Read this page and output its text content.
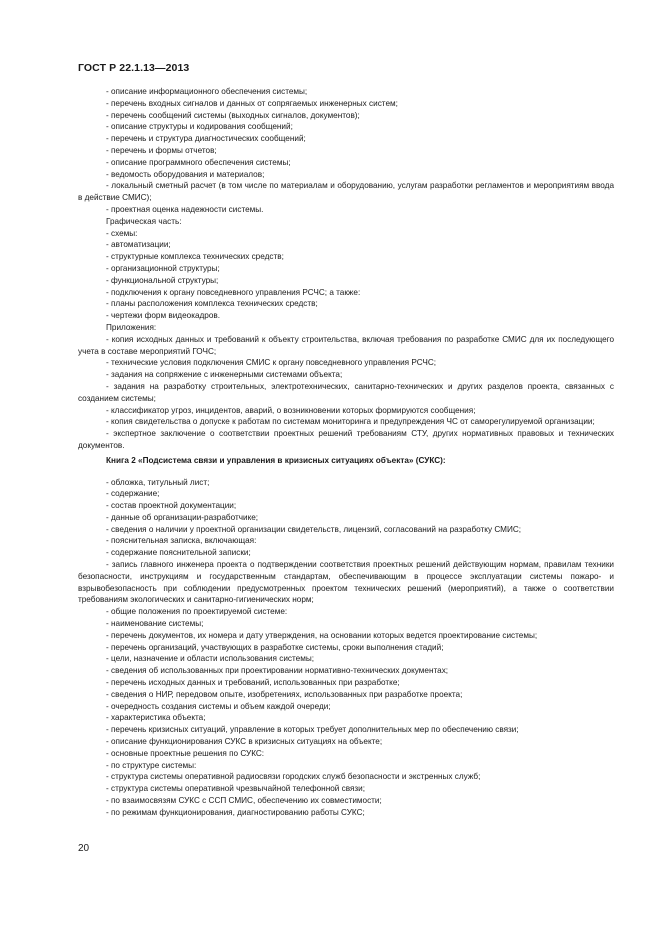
ГОСТ Р 22.1.13—2013

- описание информационного обеспечения системы;

- перечень входных сигналов и данных от сопрягаемых инженерных систем;

- перечень сообщений системы (выходных сигналов, документов);

- описание структуры и кодирования сообщений;

- перечень и структура диагностических сообщений;

- перечень и формы отчетов;

- описание программного обеспечения системы;

- ведомость оборудования и материалов;

- локальный сметный расчет (в том числе по материалам и оборудованию, услугам разработки регламентов и мероприятиям ввода в действие СМИС);

- проектная оценка надежности системы.

Графическая часть:

- схемы:

- автоматизации;

- структурные комплекса технических средств;

- организационной структуры;

- функциональной структуры;

- подключения к органу повседневного управления РСЧС; а также:

- планы расположения комплекса технических средств;

- чертежи форм видеокадров.

Приложения:

- копия исходных данных и требований к объекту строительства, включая требования по разработке СМИС для их последующего учета в составе мероприятий ГОЧС;

- технические условия подключения СМИС к органу повседневного управления РСЧС;

- задания на сопряжение с инженерными системами объекта;

- задания на разработку строительных, электротехнических, санитарно-технических и других разделов проекта, связанных с созданием системы;

- классификатор угроз, инцидентов, аварий, о возникновении которых формируются сообщения;

- копия свидетельства о допуске к работам по системам мониторинга и предупреждения ЧС от саморегулируемой организации;

- экспертное заключение о соответствии проектных решений требованиям СТУ, других нормативных правовых и технических документов.

Книга 2 «Подсистема связи и управления в кризисных ситуациях объекта» (СУКС):

- обложка, титульный лист;

- содержание;

- состав проектной документации;

- данные об организации-разработчике;

- сведения о наличии у проектной организации свидетельств, лицензий, согласований на разработку СМИС;

- пояснительная записка, включающая:

- содержание пояснительной записки;

- запись главного инженера проекта о подтверждении соответствия проектных решений действующим нормам, правилам техники безопасности, инструкциям и государственным стандартам, обеспечивающим в процессе эксплуатации системы пожаро- и взрывобезопасность при соблюдении предусмотренных проектом технических решений (мероприятий), а также о соответствии требованиям экологических и санитарно-гигиенических норм;

- общие положения по проектируемой системе:

- наименование системы;

- перечень документов, их номера и дату утверждения, на основании которых ведется проектирование системы;

- перечень организаций, участвующих в разработке системы, сроки выполнения стадий;

- цели, назначение и области использования системы;

- сведения об использованных при проектировании нормативно-технических документах;

- перечень исходных данных и требований, использованных при разработке;

- сведения о НИР, передовом опыте, изобретениях, использованных при разработке проекта;

- очередность создания системы и объем каждой очереди;

- характеристика объекта;

- перечень кризисных ситуаций, управление в которых требует дополнительных мер по обеспечению связи;

- описание функционирования СУКС в кризисных ситуациях на объекте;

- основные проектные решения по СУКС:

- по структуре системы:

- структура системы оперативной радиосвязи городских служб безопасности и экстренных служб;

- структура системы оперативной чрезвычайной телефонной связи;

- по взаимосвязям СУКС с ССП СМИС, обеспечению их совместимости;

- по режимам функционирования, диагностированию работы СУКС;

20
